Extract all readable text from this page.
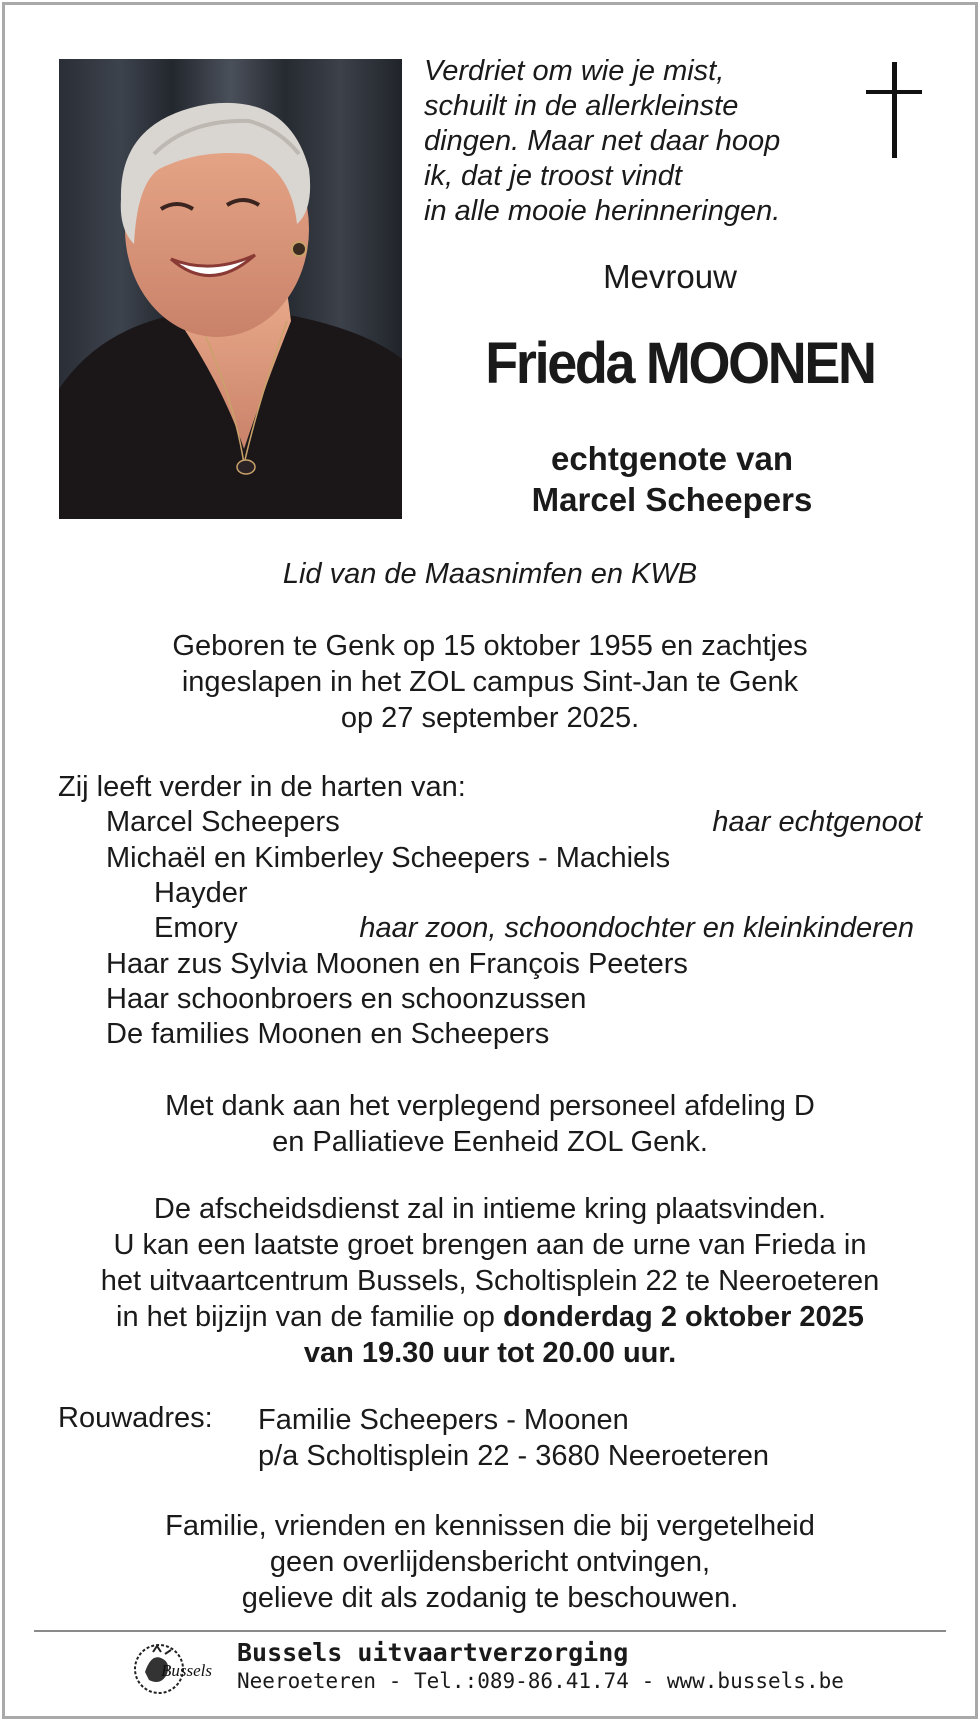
Verdriet om wie je mist,
schuilt in de allerkleinste
dingen. Maar net daar hoop
ik, dat je troost vindt
in alle mooie herinneringen.
Mevrouw
Frieda MOONEN
echtgenote van
Marcel Scheepers
Lid van de Maasnimfen en KWB
Geboren te Genk op 15 oktober 1955 en zachtjes
ingeslapen in het ZOL campus Sint-Jan te Genk
op 27 september 2025.
Zij leeft verder in de harten van:
Marcel Scheepers	haar echtgenoot
Michaël en Kimberley Scheepers - Machiels
Hayder
Emory	haar zoon, schoondochter en kleinkinderen
Haar zus Sylvia Moonen en François Peeters
Haar schoonbroers en schoonzussen
De families Moonen en Scheepers
Met dank aan het verplegend personeel afdeling D
en Palliatieve Eenheid ZOL Genk.
De afscheidsdienst zal in intieme kring plaatsvinden.
U kan een laatste groet brengen aan de urne van Frieda in
het uitvaartcentrum Bussels, Scholtisplein 22 te Neeroeteren
in het bijzijn van de familie op donderdag 2 oktober 2025
van 19.30 uur tot 20.00 uur.
Rouwadres: Familie Scheepers - Moonen
p/a Scholtisplein 22 - 3680 Neeroeteren
Familie, vrienden en kennissen die bij vergetelheid
geen overlijdensbericht ontvingen,
gelieve dit als zodanig te beschouwen.
Bussels
Bussels uitvaartverzorging
Neeroeteren - Tel.:089-86.41.74 - www.bussels.be
